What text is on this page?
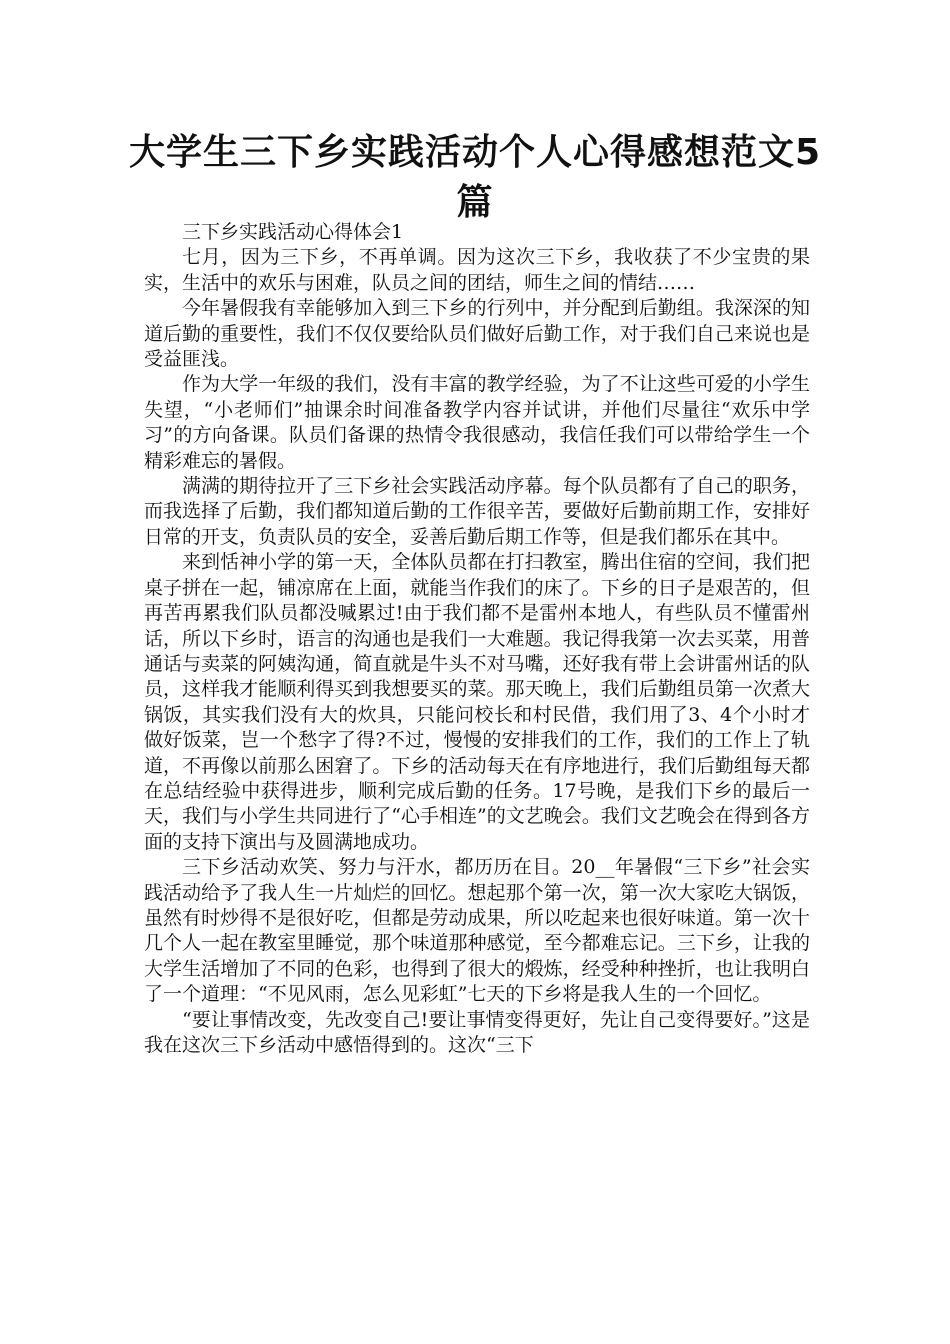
大学生三下乡实践活动个人心得感想范文5篇

三下乡实践活动心得体会1

七月，因为三下乡，不再单调。因为这次三下乡，我收获了不少宝贵的果实，生活中的欢乐与困难，队员之间的团结，师生之间的情结……

今年暑假我有幸能够加入到三下乡的行列中，并分配到后勤组。我深深的知道后勤的重要性，我们不仅仅要给队员们做好后勤工作，对于我们自己来说也是受益匪浅。

作为大学一年级的我们，没有丰富的教学经验，为了不让这些可爱的小学生失望，“小老师们”抽课余时间准备教学内容并试讲，并他们尽量往“欢乐中学习”的方向备课。队员们备课的热情令我很感动，我信任我们可以带给学生一个精彩难忘的暑假。

满满的期待拉开了三下乡社会实践活动序幕。每个队员都有了自己的职务，而我选择了后勤，我们都知道后勤的工作很辛苦，要做好后勤前期工作，安排好日常的开支，负责队员的安全，妥善后勤后期工作等，但是我们都乐在其中。

来到恬神小学的第一天，全体队员都在打扫教室，腾出住宿的空间，我们把桌子拼在一起，铺凉席在上面，就能当作我们的床了。下乡的日子是艰苦的，但再苦再累我们队员都没喊累过!由于我们都不是雷州本地人，有些队员不懂雷州话，所以下乡时，语言的沟通也是我们一大难题。我记得我第一次去买菜，用普通话与卖菜的阿姨沟通，简直就是牛头不对马嘴，还好我有带上会讲雷州话的队员，这样我才能顺利得买到我想要买的菜。那天晚上，我们后勤组员第一次煮大锅饭，其实我们没有大的炊具，只能问校长和村民借，我们用了3、4个小时才做好饭菜，岂一个愁字了得?不过，慢慢的安排我们的工作，我们的工作上了轨道，不再像以前那么困窘了。下乡的活动每天在有序地进行，我们后勤组每天都在总结经验中获得进步，顺利完成后勤的任务。17号晚，是我们下乡的最后一天，我们与小学生共同进行了“心手相连”的文艺晚会。我们文艺晚会在得到各方面的支持下演出与及圆满地成功。

三下乡活动欢笑、努力与汗水，都历历在目。20__年暑假“三下乡”社会实践活动给予了我人生一片灿烂的回忆。想起那个第一次，第一次大家吃大锅饭，虽然有时炒得不是很好吃，但都是劳动成果，所以吃起来也很好味道。第一次十几个人一起在教室里睡觉，那个味道那种感觉，至今都难忘记。三下乡，让我的大学生活增加了不同的色彩，也得到了很大的煅炼，经受种种挫折，也让我明白了一个道理：“不见风雨，怎么见彩虹”七天的下乡将是我人生的一个回忆。

“要让事情改变，先改变自己!要让事情变得更好，先让自己变得要好。”这是我在这次三下乡活动中感悟得到的。这次“三下
